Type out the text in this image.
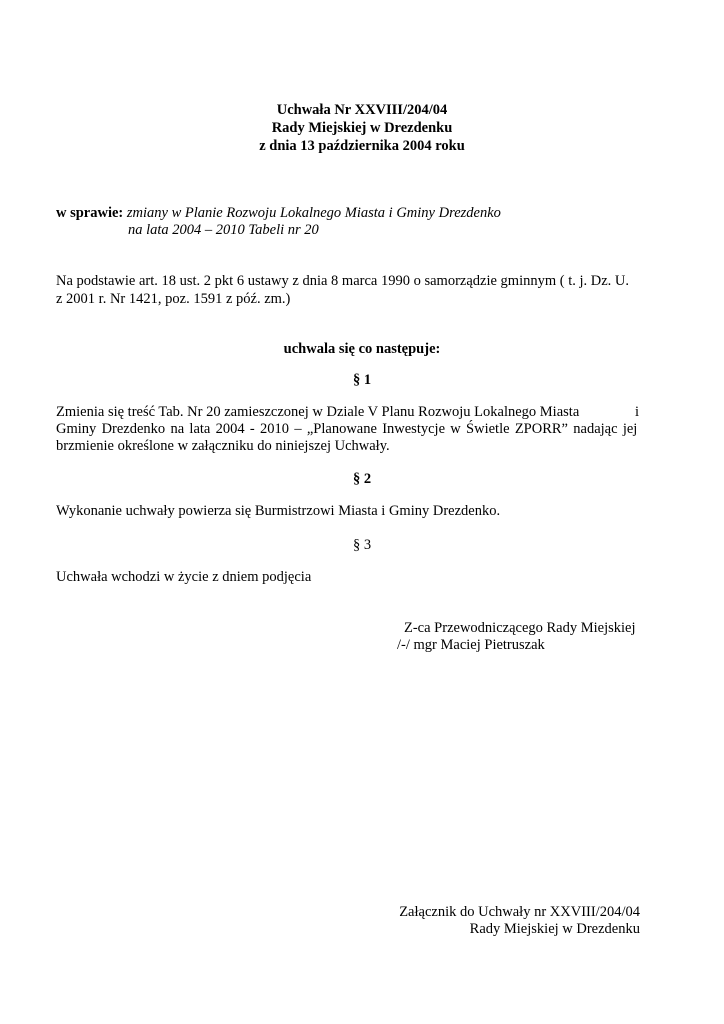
Uchwała Nr XXVIII/204/04
Rady Miejskiej w Drezdenku
z dnia 13 października 2004 roku
w sprawie: zmiany w Planie Rozwoju Lokalnego Miasta i Gminy Drezdenko
na lata 2004 – 2010 Tabeli nr 20
Na podstawie art. 18 ust. 2 pkt 6 ustawy z dnia 8 marca 1990 o samorządzie gminnym ( t. j. Dz. U.
z 2001 r. Nr 1421, poz. 1591 z póź. zm.)
uchwala się co następuje:
§ 1
Zmienia się treść Tab. Nr 20 zamieszczonej w Dziale V Planu Rozwoju Lokalnego Miasta	i
Gminy Drezdenko na lata 2004 - 2010 – „Planowane Inwestycje w Świetle ZPORR” nadając jej
brzmienie określone w załączniku do niniejszej Uchwały.
§ 2
Wykonanie uchwały powierza się Burmistrzowi Miasta i Gminy Drezdenko.
§ 3
Uchwała wchodzi w życie z dniem podjęcia
Z-ca Przewodniczącego Rady Miejskiej
/-/ mgr Maciej Pietruszak
Załącznik do Uchwały nr XXVIII/204/04
Rady Miejskiej w Drezdenku
